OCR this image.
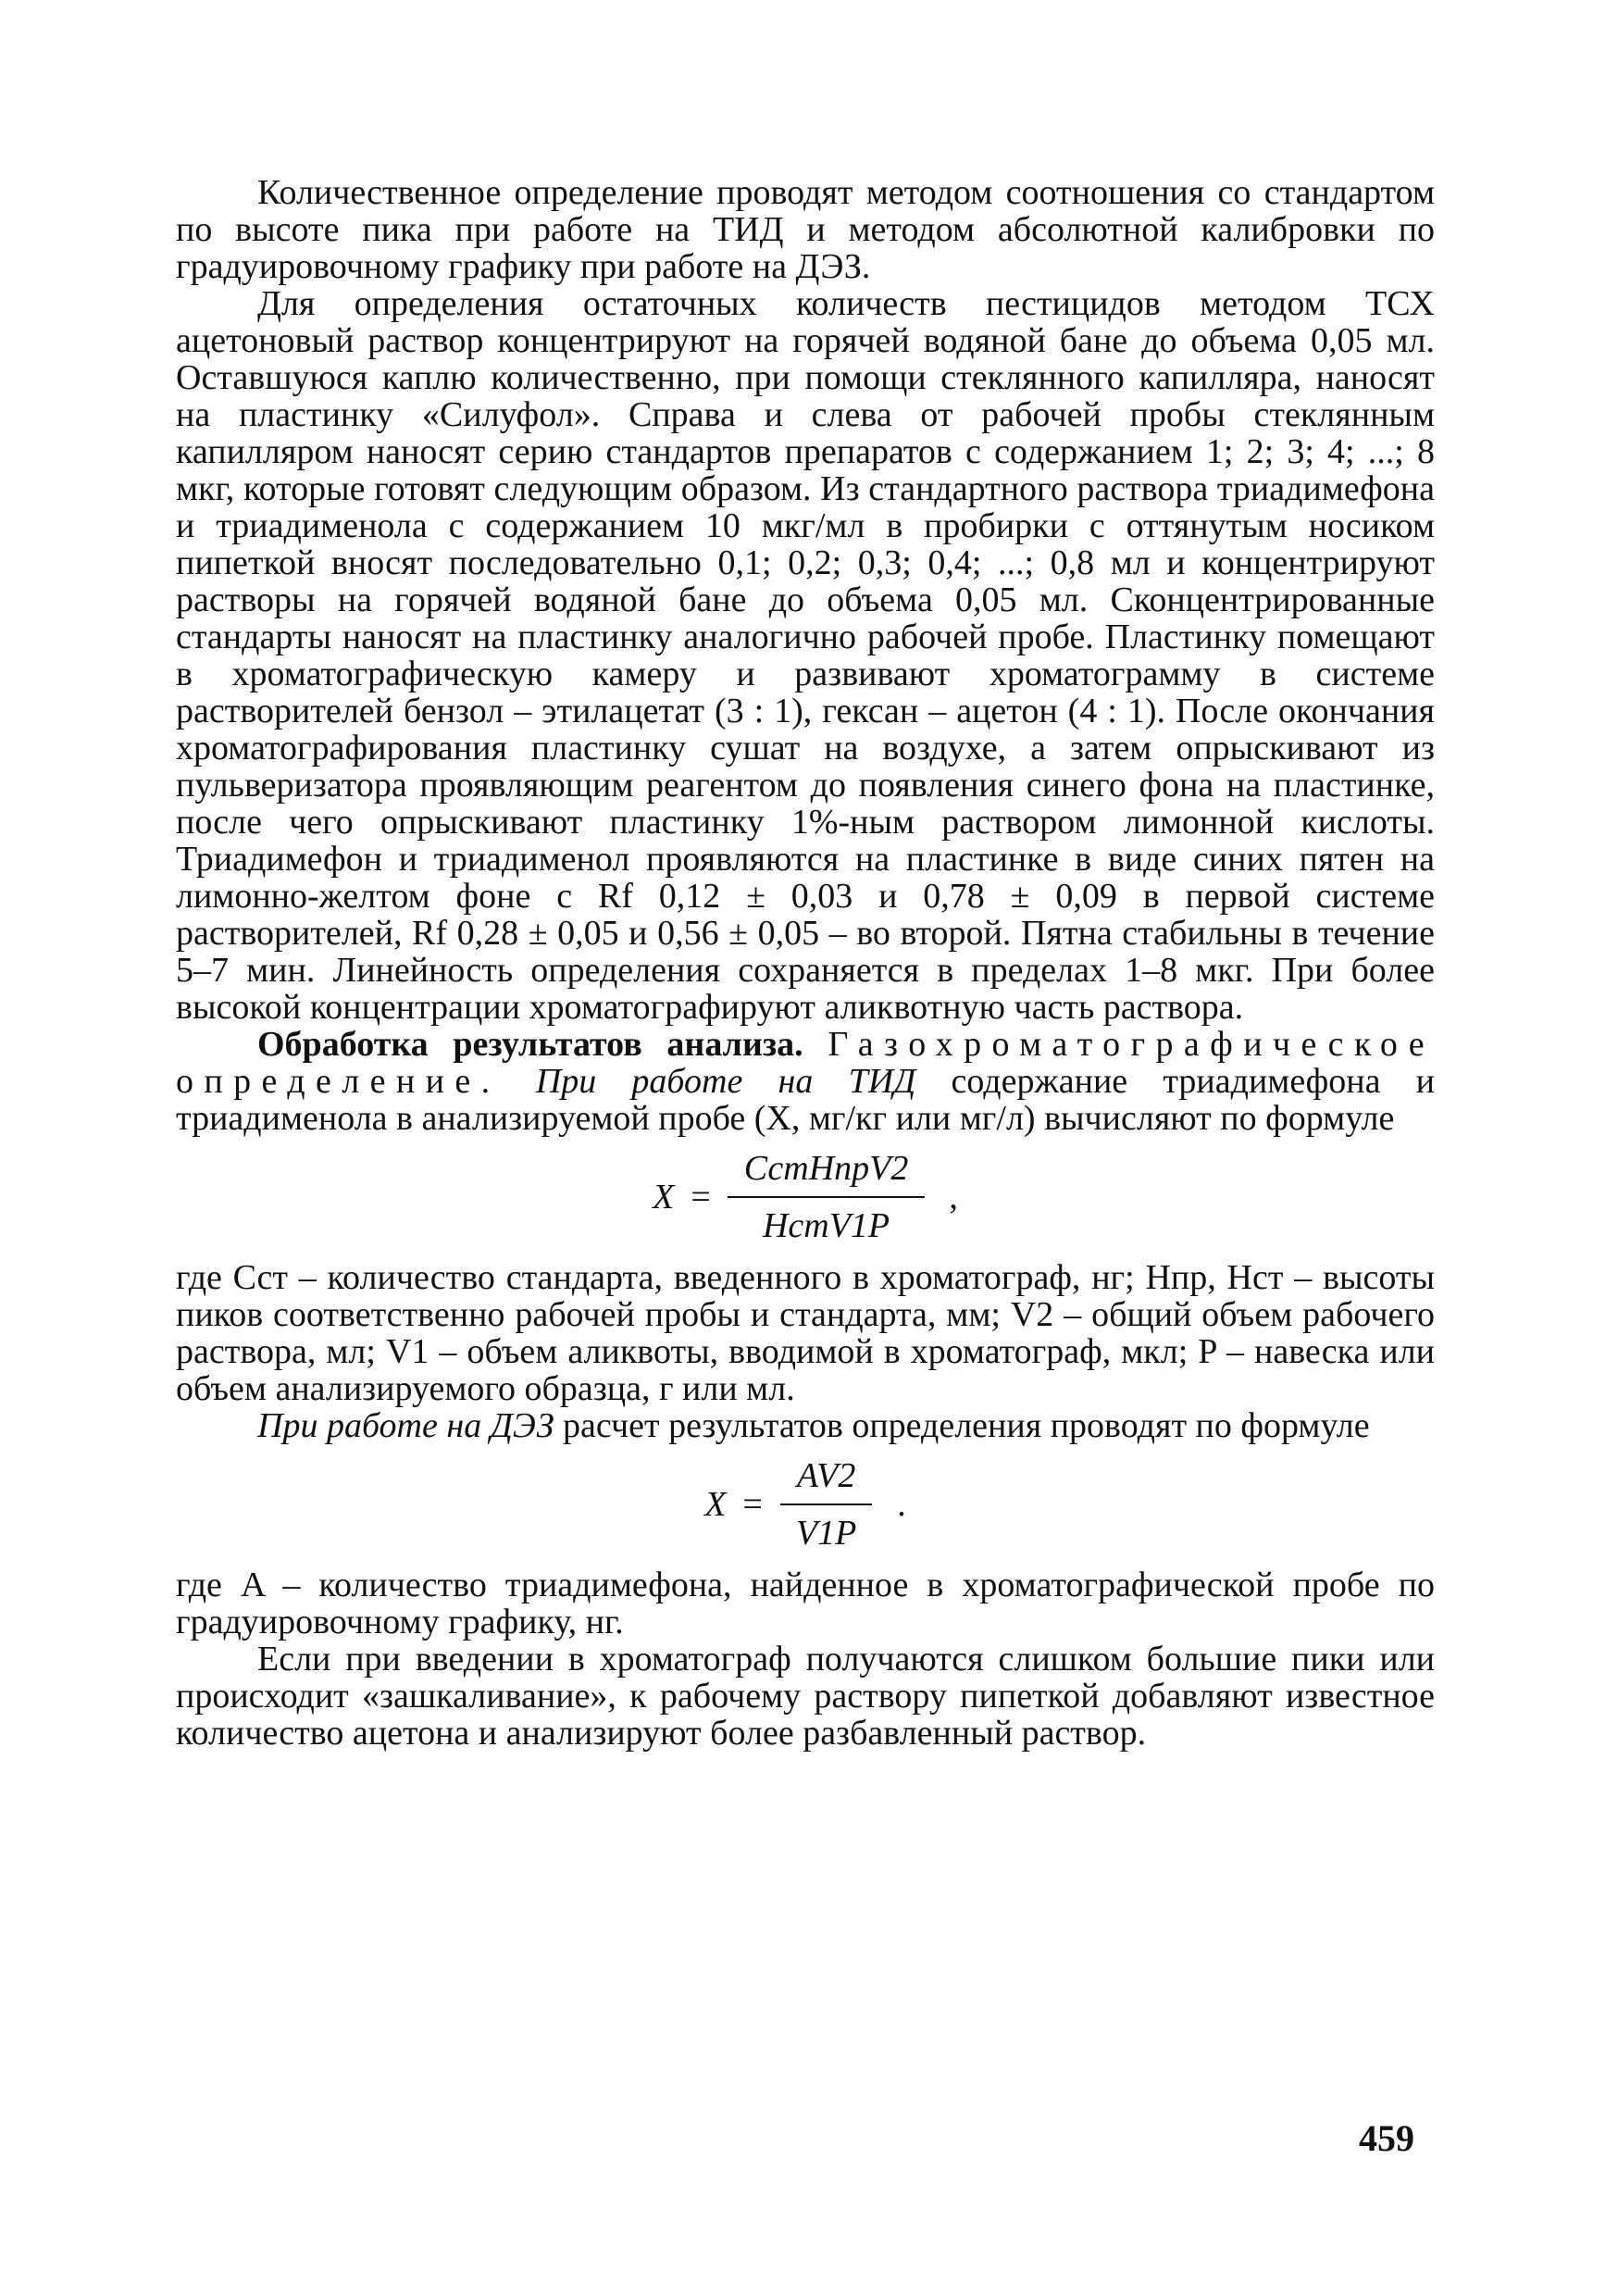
Количественное определение проводят методом соотношения со стандартом по высоте пика при работе на ТИД и методом абсолютной калибровки по градуировочному графику при работе на ДЭЗ.

Для определения остаточных количеств пестицидов методом ТСХ ацетоновый раствор концентрируют на горячей водяной бане до объема 0,05 мл. Оставшуюся каплю количественно, при помощи стеклянного капилляра, наносят на пластинку «Силуфол». Справа и слева от рабочей пробы стеклянным капилляром наносят серию стандартов препаратов с содержанием 1; 2; 3; 4; ...; 8 мкг, которые готовят следующим образом. Из стандартного раствора триадимефона и триадименола с содержанием 10 мкг/мл в пробирки с оттянутым носиком пипеткой вносят последовательно 0,1; 0,2; 0,3; 0,4; ...; 0,8 мл и концентрируют растворы на горячей водяной бане до объема 0,05 мл. Сконцентрированные стандарты наносят на пластинку аналогично рабочей пробе. Пластинку помещают в хроматографическую камеру и развивают хроматограмму в системе растворителей бензол – этилацетат (3 : 1), гексан – ацетон (4 : 1). После окончания хроматографирования пластинку сушат на воздухе, а затем опрыскивают из пульверизатора проявляющим реагентом до появления синего фона на пластинке, после чего опрыскивают пластинку 1%-ным раствором лимонной кислоты. Триадимефон и триадименол проявляются на пластинке в виде синих пятен на лимонно-желтом фоне с Rf 0,12 ± 0,03 и 0,78 ± 0,09 в первой системе растворителей, Rf 0,28 ± 0,05 и 0,56 ± 0,05 – во второй. Пятна стабильны в течение 5–7 мин. Линейность определения сохраняется в пределах 1–8 мкг. При более высокой концентрации хроматографируют аликвотную часть раствора.

Обработка результатов анализа. Газохроматографическое определение. При работе на ТИД содержание триадимефона и триадименола в анализируемой пробе (X, мг/кг или мг/л) вычисляют по формуле

$X = \frac{\text{СстНпрV2}}{\text{НстV1P}}$ ,

где Сст – количество стандарта, введенного в хроматограф, нг; Нпр, Нст – высоты пиков соответственно рабочей пробы и стандарта, мм; V2 – общий объем рабочего раствора, мл; V1 – объем аликвоты, вводимой в хроматограф, мкл; P – навеска или объем анализируемого образца, г или мл.

При работе на ДЭЗ расчет результатов определения проводят по формуле

$X = \frac{AV2}{V1P}$ .

где A – количество триадимефона, найденное в хроматографической пробе по градуировочному графику, нг.

Если при введении в хроматограф получаются слишком большие пики или происходит «зашкаливание», к рабочему раствору пипеткой добавляют известное количество ацетона и анализируют более разбавленный раствор.

459
